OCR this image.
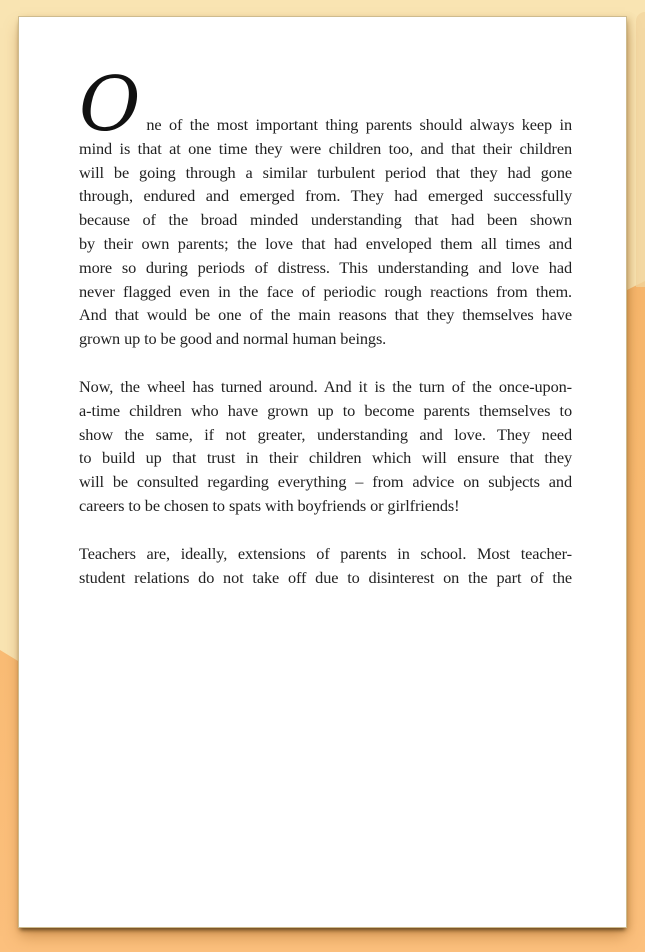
One of the most important thing parents should always keep in
mind is that at one time they were children too, and that their children
will be going through a similar turbulent period that they had gone
through, endured and emerged from. They had emerged successfully
because of the broad minded understanding that had been shown
by their own parents; the love that had enveloped them all times and
more so during periods of distress. This understanding and love had
never flagged even in the face of periodic rough reactions from them.
And that would be one of the main reasons that they themselves have
grown up to be good and normal human beings.
Now, the wheel has turned around. And it is the turn of the once-upon-
a-time children who have grown up to become parents themselves to
show the same, if not greater, understanding and love. They need
to build up that trust in their children which will ensure that they
will be consulted regarding everything – from advice on subjects and
careers to be chosen to spats with boyfriends or girlfriends!
Teachers are, ideally, extensions of parents in school. Most teacher-
student relations do not take off due to disinterest on the part of the
